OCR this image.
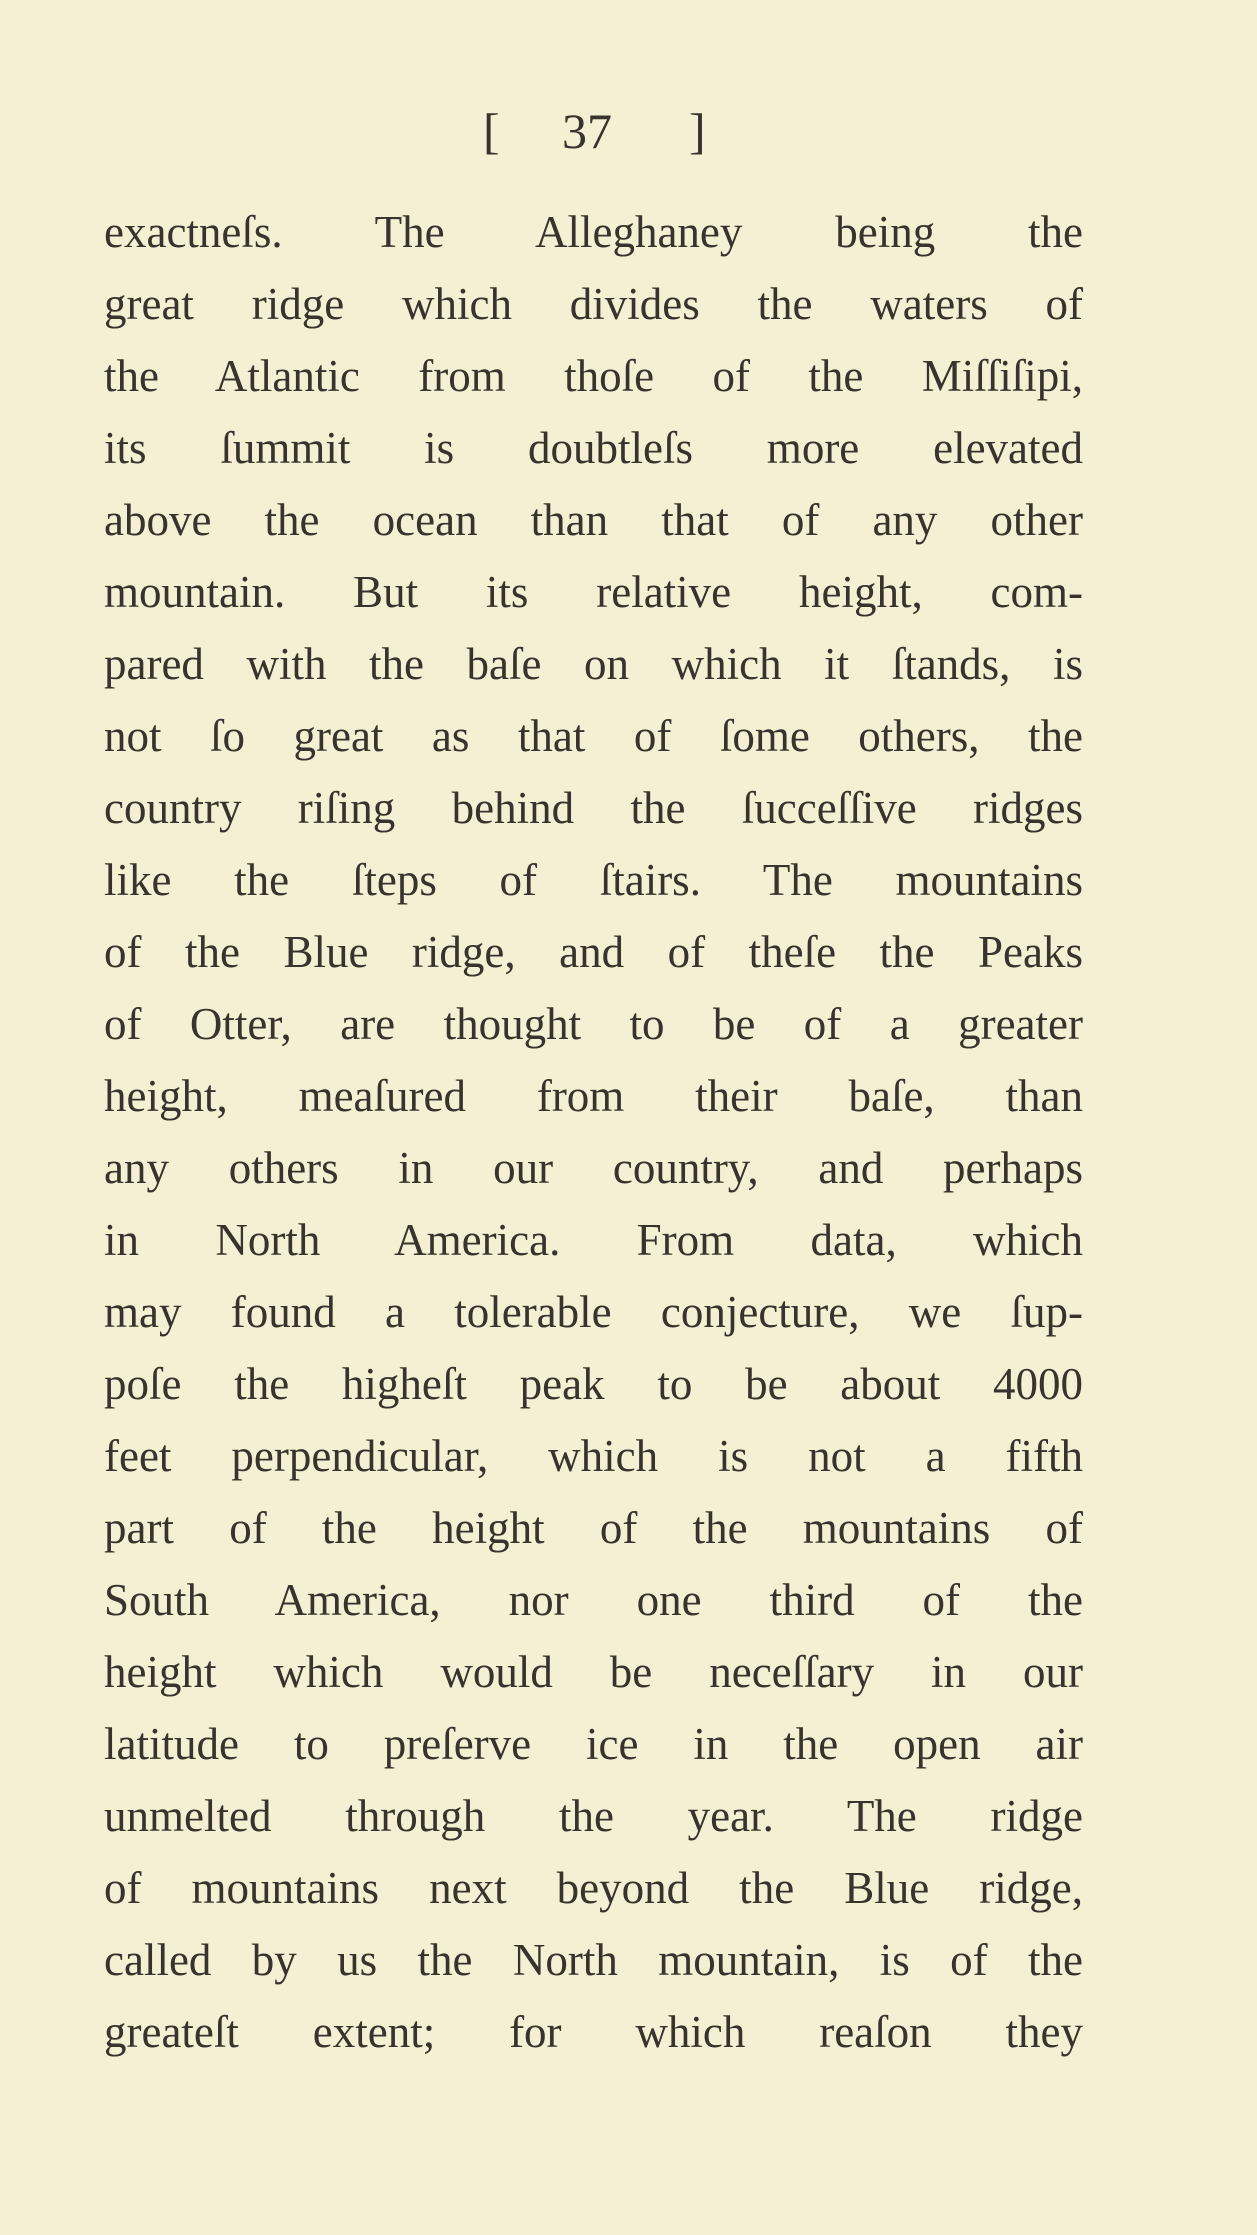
[ 37 ]
exactneſs. The Alleghaney being the
great ridge which divides the waters of
the Atlantic from thoſe of the Miſſiſipi,
its ſummit is doubtleſs more elevated
above the ocean than that of any other
mountain. But its relative height, com-
pared with the baſe on which it ſtands, is
not ſo great as that of ſome others, the
country riſing behind the ſucceſſive ridges
like the ſteps of ſtairs. The mountains
of the Blue ridge, and of theſe the Peaks
of Otter, are thought to be of a greater
height, meaſured from their baſe, than
any others in our country, and perhaps
in North America. From data, which
may found a tolerable conjecture, we ſup-
poſe the higheſt peak to be about 4000
feet perpendicular, which is not a fifth
part of the height of the mountains of
South America, nor one third of the
height which would be neceſſary in our
latitude to preſerve ice in the open air
unmelted through the year. The ridge
of mountains next beyond the Blue ridge,
called by us the North mountain, is of the
greateſt extent; for which reaſon they
